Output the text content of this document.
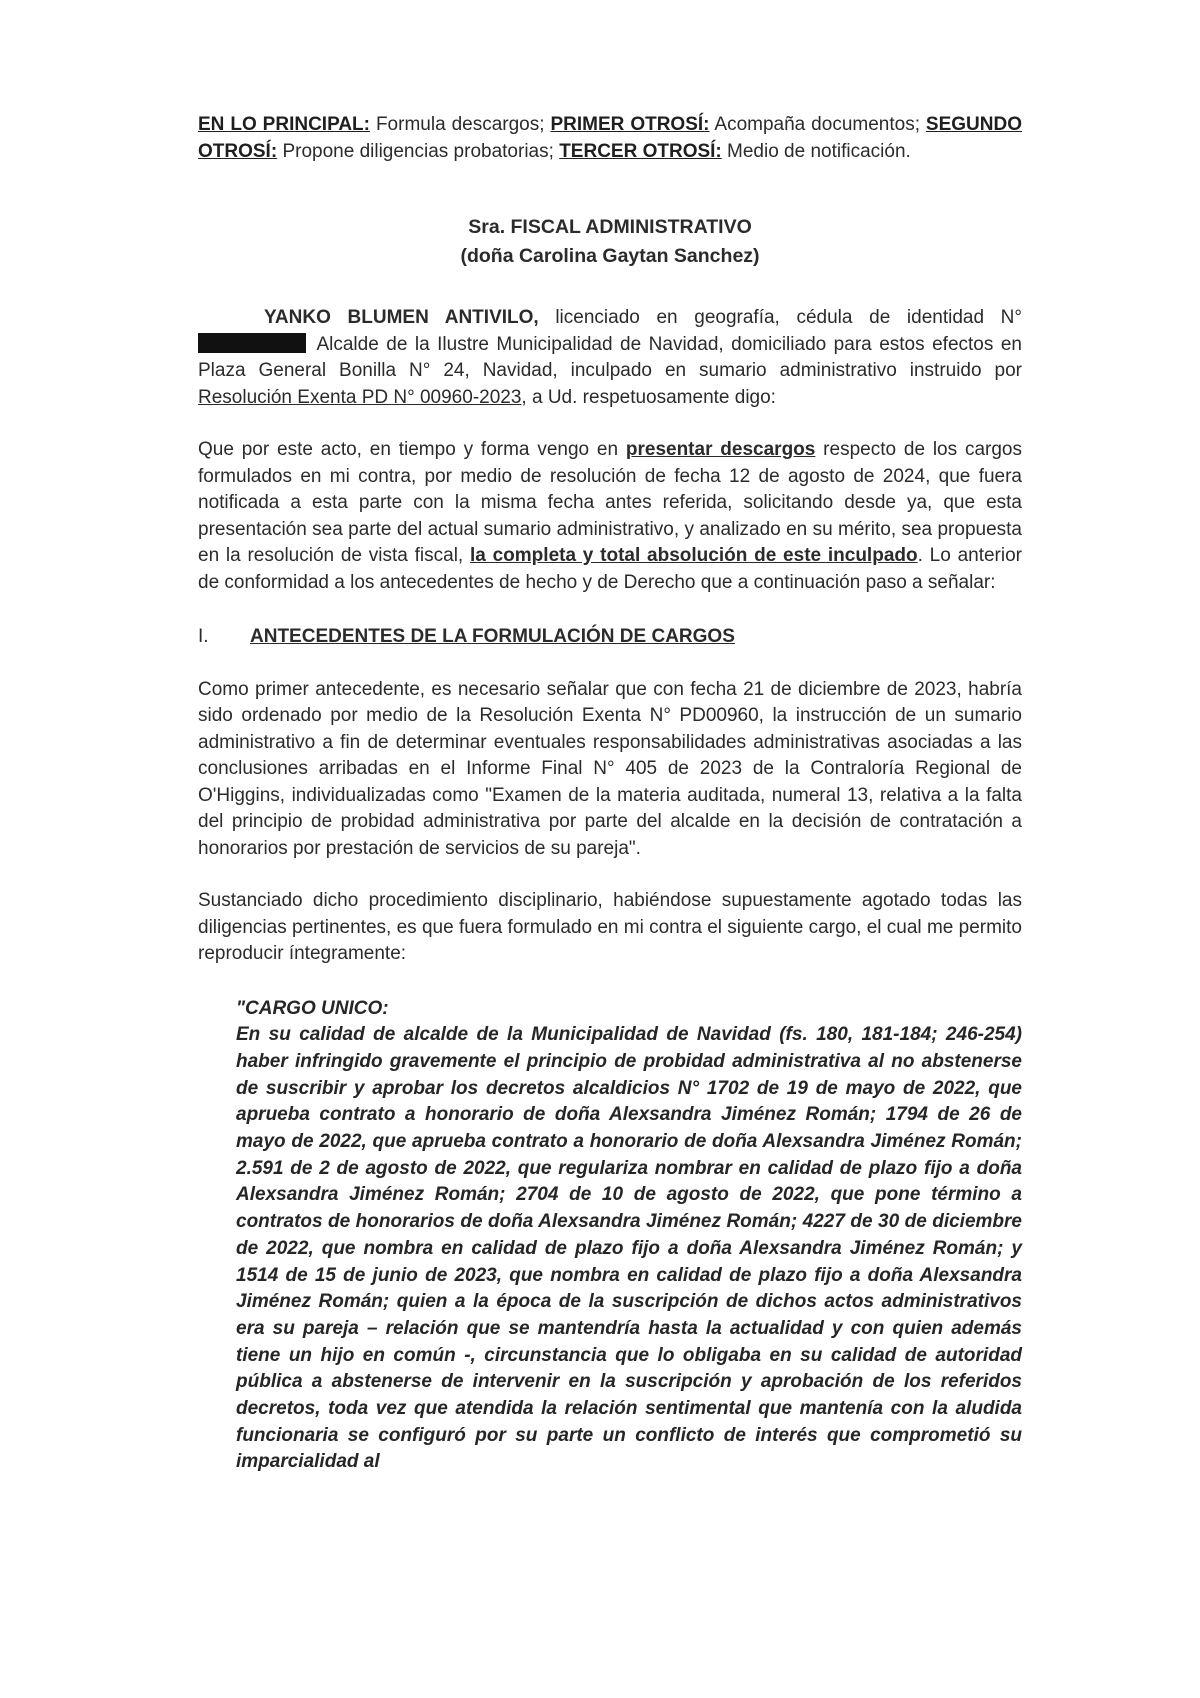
EN LO PRINCIPAL: Formula descargos; PRIMER OTROSÍ: Acompaña documentos; SEGUNDO OTROSÍ: Propone diligencias probatorias; TERCER OTROSÍ: Medio de notificación.

Sra. FISCAL ADMINISTRATIVO
(doña Carolina Gaytan Sanchez)

YANKO BLUMEN ANTIVILO, licenciado en geografía, cédula de identidad N°  Alcalde de la Ilustre Municipalidad de Navidad, domiciliado para estos efectos en Plaza General Bonilla N° 24, Navidad, inculpado en sumario administrativo instruido por Resolución Exenta PD N° 00960-2023, a Ud. respetuosamente digo:

Que por este acto, en tiempo y forma vengo en presentar descargos respecto de los cargos formulados en mi contra, por medio de resolución de fecha 12 de agosto de 2024, que fuera notificada a esta parte con la misma fecha antes referida, solicitando desde ya, que esta presentación sea parte del actual sumario administrativo, y analizado en su mérito, sea propuesta en la resolución de vista fiscal, la completa y total absolución de este inculpado. Lo anterior de conformidad a los antecedentes de hecho y de Derecho que a continuación paso a señalar:

I.	ANTECEDENTES DE LA FORMULACIÓN DE CARGOS

Como primer antecedente, es necesario señalar que con fecha 21 de diciembre de 2023, habría sido ordenado por medio de la Resolución Exenta N° PD00960, la instrucción de un sumario administrativo a fin de determinar eventuales responsabilidades administrativas asociadas a las conclusiones arribadas en el Informe Final N° 405 de 2023 de la Contraloría Regional de O'Higgins, individualizadas como "Examen de la materia auditada, numeral 13, relativa a la falta del principio de probidad administrativa por parte del alcalde en la decisión de contratación a honorarios por prestación de servicios de su pareja".

Sustanciado dicho procedimiento disciplinario, habiéndose supuestamente agotado todas las diligencias pertinentes, es que fuera formulado en mi contra el siguiente cargo, el cual me permito reproducir íntegramente:

"CARGO UNICO:

En su calidad de alcalde de la Municipalidad de Navidad (fs. 180, 181-184; 246-254) haber infringido gravemente el principio de probidad administrativa al no abstenerse de suscribir y aprobar los decretos alcaldicios N° 1702 de 19 de mayo de 2022, que aprueba contrato a honorario de doña Alexsandra Jiménez Román; 1794 de 26 de mayo de 2022, que aprueba contrato a honorario de doña Alexsandra Jiménez Román; 2.591 de 2 de agosto de 2022, que regulariza nombrar en calidad de plazo fijo a doña Alexsandra Jiménez Román; 2704 de 10 de agosto de 2022, que pone término a contratos de honorarios de doña Alexsandra Jiménez Román; 4227 de 30 de diciembre de 2022, que nombra en calidad de plazo fijo a doña Alexsandra Jiménez Román; y 1514 de 15 de junio de 2023, que nombra en calidad de plazo fijo a doña Alexsandra Jiménez Román; quien a la época de la suscripción de dichos actos administrativos era su pareja – relación que se mantendría hasta la actualidad y con quien además tiene un hijo en común -, circunstancia que lo obligaba en su calidad de autoridad pública a abstenerse de intervenir en la suscripción y aprobación de los referidos decretos, toda vez que atendida la relación sentimental que mantenía con la aludida funcionaria se configuró por su parte un conflicto de interés que comprometió su imparcialidad al
